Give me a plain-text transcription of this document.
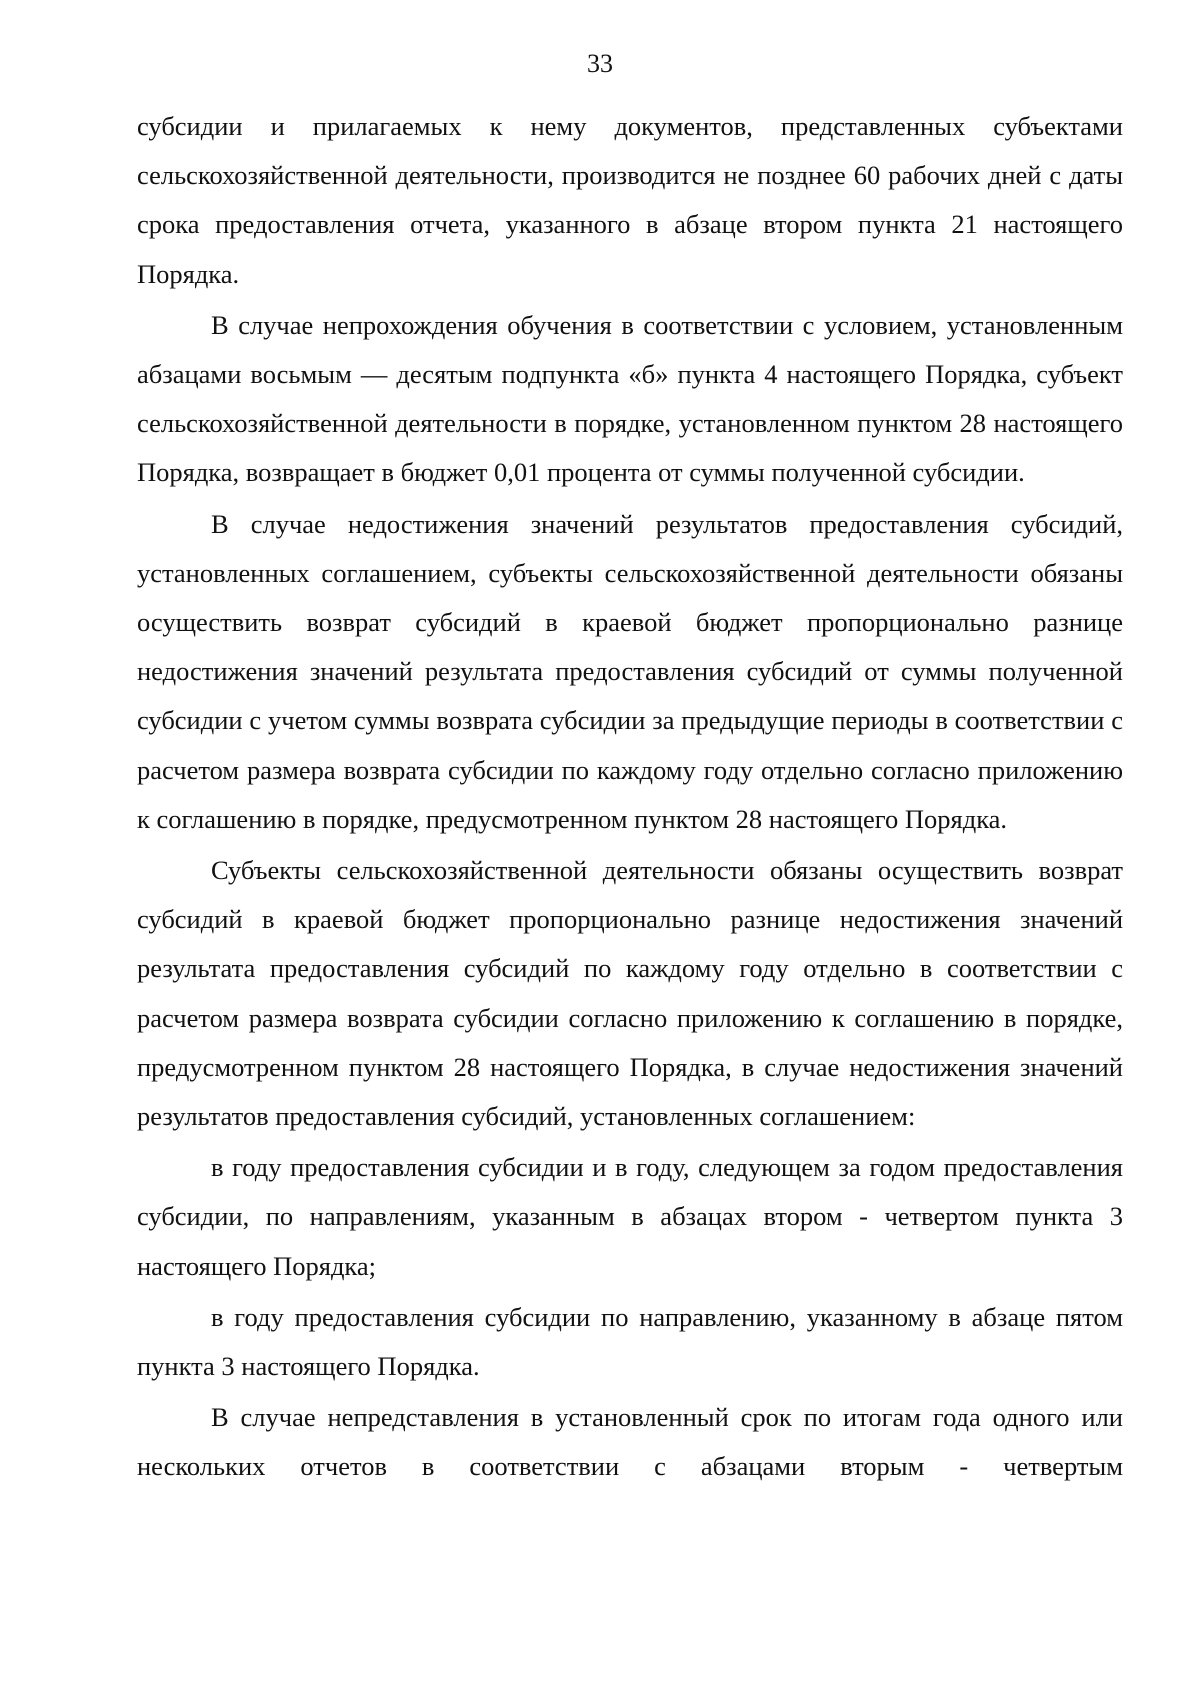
33

субсидии и прилагаемых к нему документов, представленных субъектами сельскохозяйственной деятельности, производится не позднее 60 рабочих дней с даты срока предоставления отчета, указанного в абзаце втором пункта 21 настоящего Порядка.

В случае непрохождения обучения в соответствии с условием, установленным абзацами восьмым — десятым подпункта «б» пункта 4 настоящего Порядка, субъект сельскохозяйственной деятельности в порядке, установленном пунктом 28 настоящего Порядка, возвращает в бюджет 0,01 процента от суммы полученной субсидии.

В случае недостижения значений результатов предоставления субсидий, установленных соглашением, субъекты сельскохозяйственной деятельности обязаны осуществить возврат субсидий в краевой бюджет пропорционально разнице недостижения значений результата предоставления субсидий от суммы полученной субсидии с учетом суммы возврата субсидии за предыдущие периоды в соответствии с расчетом размера возврата субсидии по каждому году отдельно согласно приложению к соглашению в порядке, предусмотренном пунктом 28 настоящего Порядка.

Субъекты сельскохозяйственной деятельности обязаны осуществить возврат субсидий в краевой бюджет пропорционально разнице недостижения значений результата предоставления субсидий по каждому году отдельно в соответствии с расчетом размера возврата субсидии согласно приложению к соглашению в порядке, предусмотренном пунктом 28 настоящего Порядка, в случае недостижения значений результатов предоставления субсидий, установленных соглашением:

в году предоставления субсидии и в году, следующем за годом предоставления субсидии, по направлениям, указанным в абзацах втором - четвертом пункта 3 настоящего Порядка;

в году предоставления субсидии по направлению, указанному в абзаце пятом пункта 3 настоящего Порядка.

В случае непредставления в установленный срок по итогам года одного или нескольких отчетов в соответствии с абзацами вторым - четвертым
